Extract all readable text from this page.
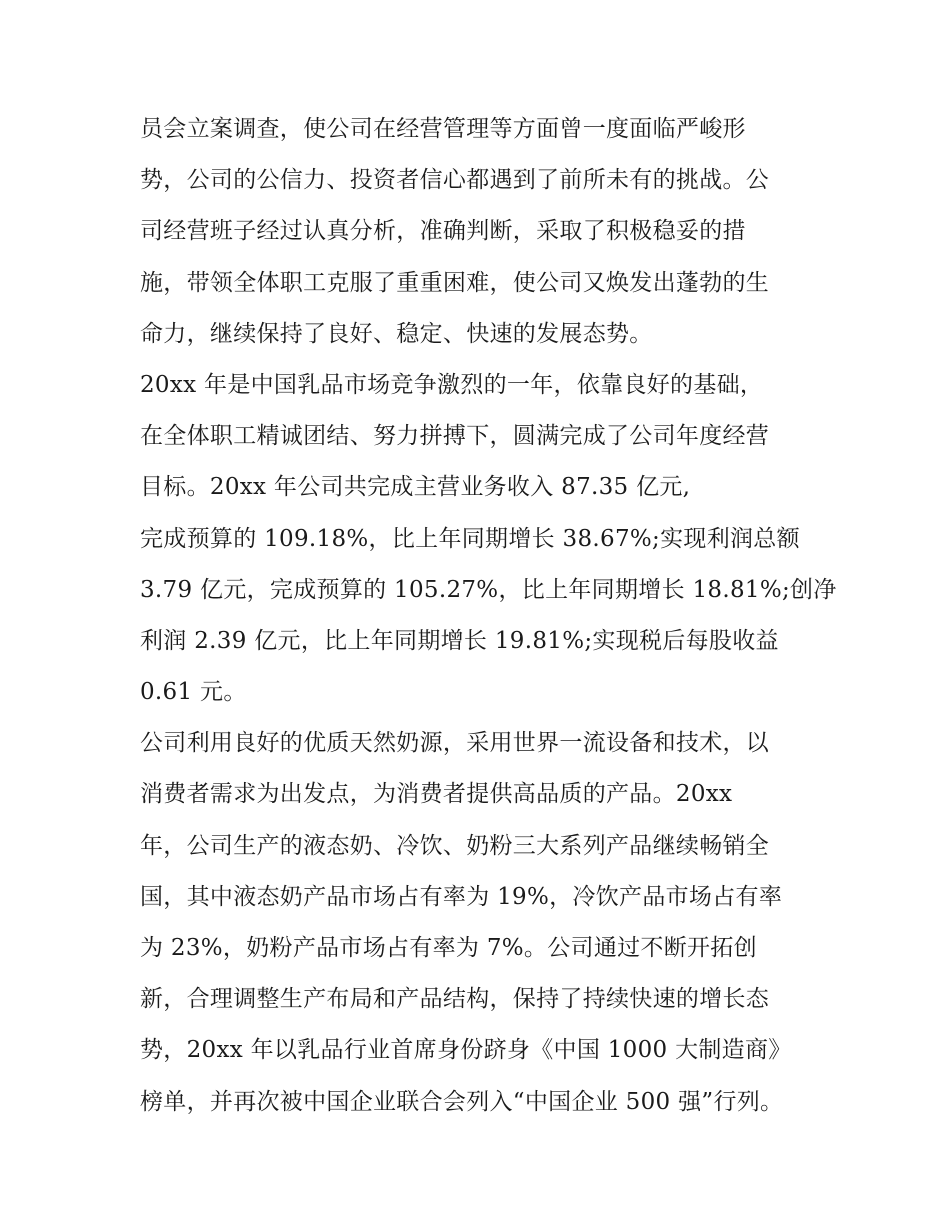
员会立案调查，使公司在经营管理等方面曾一度面临严峻形
势，公司的公信力、投资者信心都遇到了前所未有的挑战。公
司经营班子经过认真分析，准确判断，采取了积极稳妥的措
施，带领全体职工克服了重重困难，使公司又焕发出蓬勃的生
命力，继续保持了良好、稳定、快速的发展态势。
20xx 年是中国乳品市场竞争激烈的一年，依靠良好的基础，
在全体职工精诚团结、努力拼搏下，圆满完成了公司年度经营
目标。20xx 年公司共完成主营业务收入 87.35 亿元,
完成预算的 109.18%，比上年同期增长 38.67%;实现利润总额
3.79 亿元，完成预算的 105.27%，比上年同期增长 18.81%;创净
利润 2.39 亿元，比上年同期增长 19.81%;实现税后每股收益
0.61 元。
公司利用良好的优质天然奶源，采用世界一流设备和技术，以
消费者需求为出发点，为消费者提供高品质的产品。20xx
年，公司生产的液态奶、冷饮、奶粉三大系列产品继续畅销全
国，其中液态奶产品市场占有率为 19%，冷饮产品市场占有率
为 23%，奶粉产品市场占有率为 7%。公司通过不断开拓创
新，合理调整生产布局和产品结构，保持了持续快速的增长态
势，20xx 年以乳品行业首席身份跻身《中国 1000 大制造商》
榜单，并再次被中国企业联合会列入“中国企业 500 强”行列。
